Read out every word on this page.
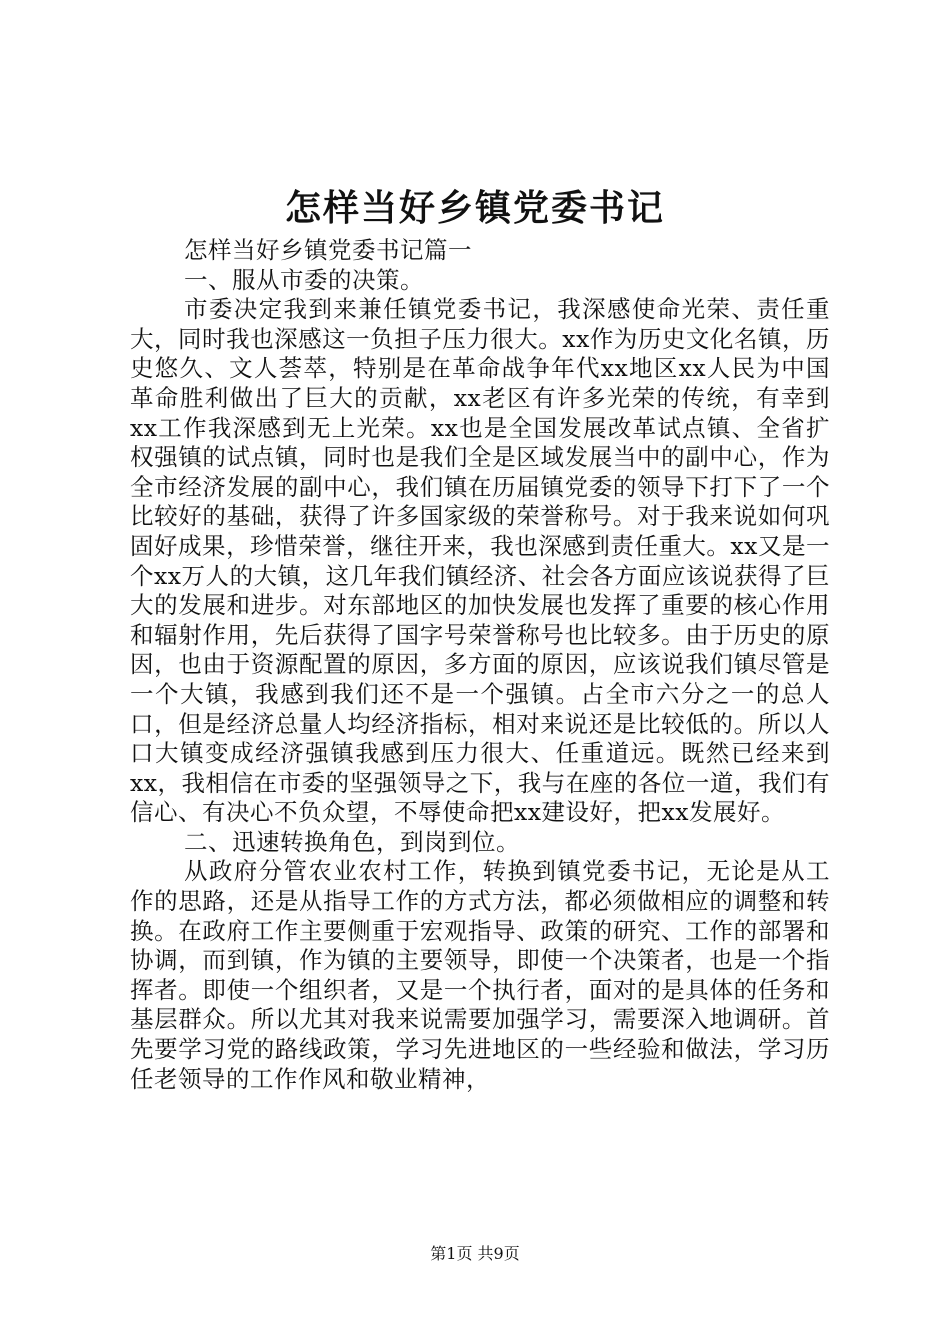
怎样当好乡镇党委书记

怎样当好乡镇党委书记篇一

一、服从市委的决策。

市委决定我到来兼任镇党委书记，我深感使命光荣、责任重大，同时我也深感这一负担子压力很大。xx作为历史文化名镇，历史悠久、文人荟萃，特别是在革命战争年代xx地区xx人民为中国革命胜利做出了巨大的贡献，xx老区有许多光荣的传统，有幸到xx工作我深感到无上光荣。xx也是全国发展改革试点镇、全省扩权强镇的试点镇，同时也是我们全是区域发展当中的副中心，作为全市经济发展的副中心，我们镇在历届镇党委的领导下打下了一个比较好的基础，获得了许多国家级的荣誉称号。对于我来说如何巩固好成果，珍惜荣誉，继往开来，我也深感到责任重大。xx又是一个xx万人的大镇，这几年我们镇经济、社会各方面应该说获得了巨大的发展和进步。对东部地区的加快发展也发挥了重要的核心作用和辐射作用，先后获得了国字号荣誉称号也比较多。由于历史的原因，也由于资源配置的原因，多方面的原因，应该说我们镇尽管是一个大镇，我感到我们还不是一个强镇。占全市六分之一的总人口，但是经济总量人均经济指标，相对来说还是比较低的。所以人口大镇变成经济强镇我感到压力很大、任重道远。既然已经来到xx，我相信在市委的坚强领导之下，我与在座的各位一道，我们有信心、有决心不负众望，不辱使命把xx建设好，把xx发展好。

二、迅速转换角色，到岗到位。

从政府分管农业农村工作，转换到镇党委书记，无论是从工作的思路，还是从指导工作的方式方法，都必须做相应的调整和转换。在政府工作主要侧重于宏观指导、政策的研究、工作的部署和协调，而到镇，作为镇的主要领导，即使一个决策者，也是一个指挥者。即使一个组织者，又是一个执行者，面对的是具体的任务和基层群众。所以尤其对我来说需要加强学习，需要深入地调研。首先要学习党的路线政策，学习先进地区的一些经验和做法，学习历任老领导的工作作风和敬业精神，

第1页 共9页
